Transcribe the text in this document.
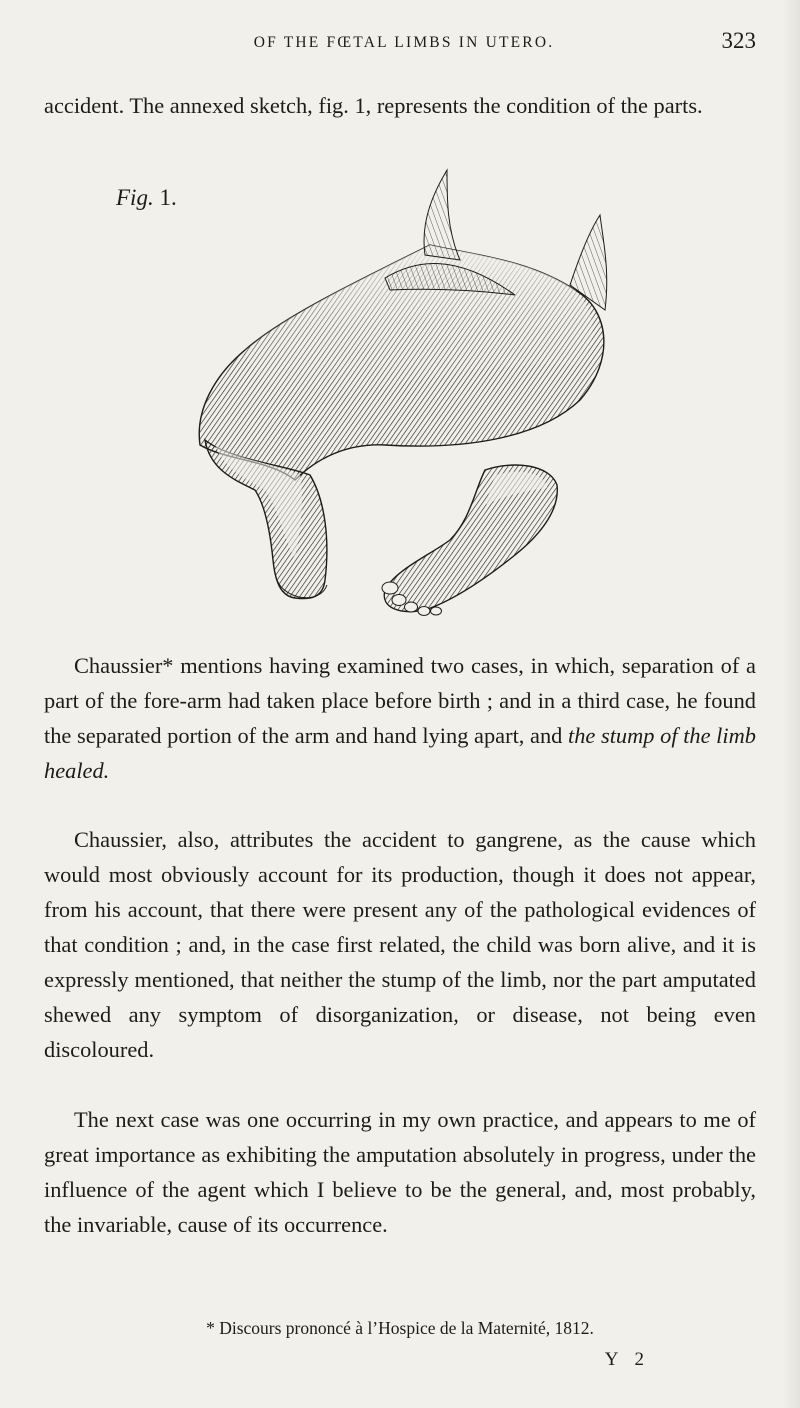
OF THE FŒTAL LIMBS IN UTERO.	323

accident. The annexed sketch, fig. 1, represents the condition of the parts.

Fig. 1.

Chaussier* mentions having examined two cases, in which, separation of a part of the fore-arm had taken place before birth ; and in a third case, he found the separated portion of the arm and hand lying apart, and the stump of the limb healed.

Chaussier, also, attributes the accident to gangrene, as the cause which would most obviously account for its production, though it does not appear, from his account, that there were present any of the pathological evidences of that condition ; and, in the case first related, the child was born alive, and it is expressly mentioned, that neither the stump of the limb, nor the part amputated shewed any symptom of disorganization, or disease, not being even discoloured.

The next case was one occurring in my own practice, and appears to me of great importance as exhibiting the amputation absolutely in progress, under the influence of the agent which I believe to be the general, and, most probably, the invariable, cause of its occurrence.

* Discours prononcé à l’Hospice de la Maternité, 1812.
Y 2
